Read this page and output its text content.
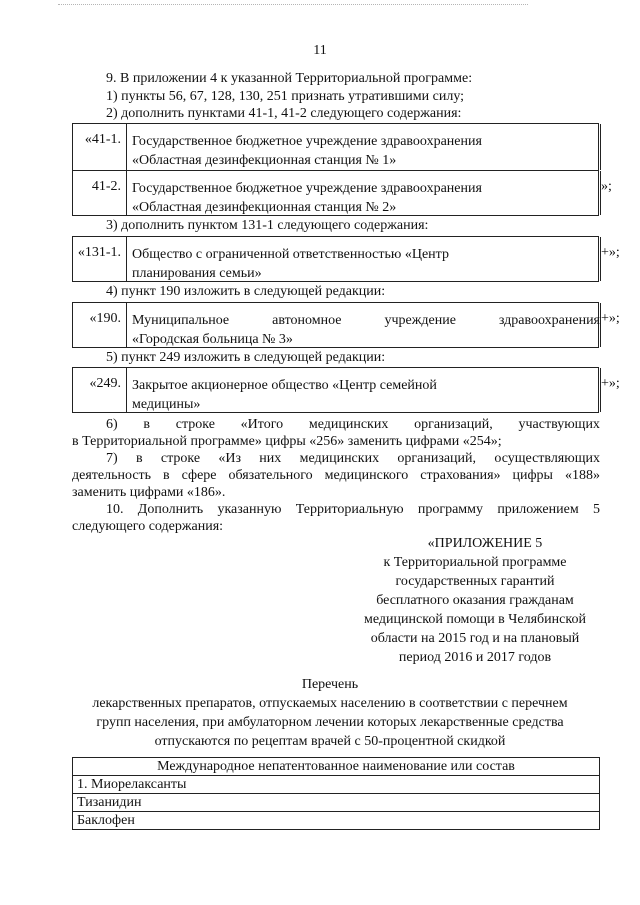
11
9. В приложении 4 к указанной Территориальной программе:
1) пункты 56, 67, 128, 130, 251 признать утратившими силу;
2) дополнить пунктами 41-1, 41-2 следующего содержания:
«41-1. Государственное бюджетное учреждение здравоохранения
«Областная дезинфекционная станция № 1»
41-2. Государственное бюджетное учреждение здравоохранения
«Областная дезинфекционная станция № 2»
»;
3) дополнить пунктом 131-1 следующего содержания:
«131-1. Общество с ограниченной ответственностью «Центр
планирования семьи»
+»;
4) пункт 190 изложить в следующей редакции:
«190. Муниципальное автономное учреждение здравоохранения
«Городская больница № 3»
+»;
5) пункт 249 изложить в следующей редакции:
«249. Закрытое акционерное общество «Центр семейной
медицины»
+»;
6) в строке «Итого медицинских организаций, участвующих
в Территориальной программе» цифры «256» заменить цифрами «254»;
7) в строке «Из них медицинских организаций, осуществляющих
деятельность в сфере обязательного медицинского страхования» цифры «188»
заменить цифрами «186».
10. Дополнить указанную Территориальную программу приложением 5
следующего содержания:
«ПРИЛОЖЕНИЕ 5
к Территориальной программе
государственных гарантий
бесплатного оказания гражданам
медицинской помощи в Челябинской
области на 2015 год и на плановый
период 2016 и 2017 годов
Перечень
лекарственных препаратов, отпускаемых населению в соответствии с перечнем
групп населения, при амбулаторном лечении которых лекарственные средства
отпускаются по рецептам врачей с 50-процентной скидкой
Международное непатентованное наименование или состав
1. Миорелаксанты
Тизанидин
Баклофен
